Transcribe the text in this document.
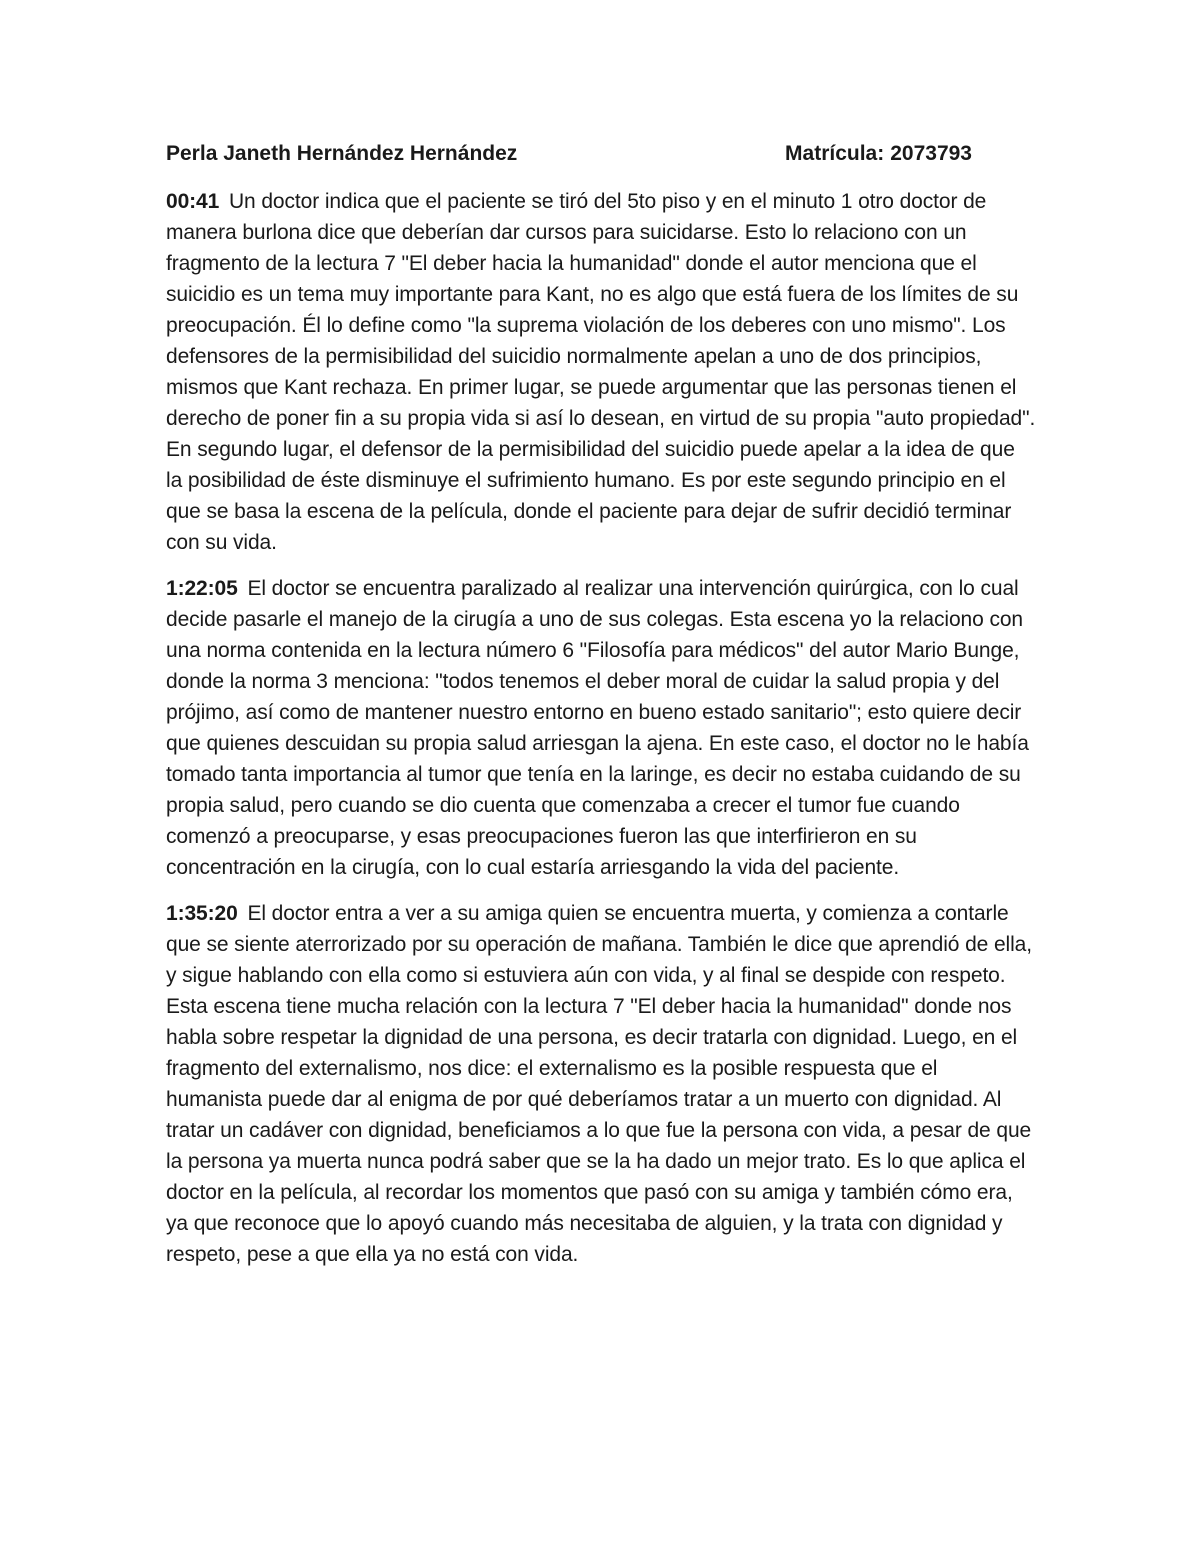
Perla Janeth Hernández Hernández	Matrícula: 2073793

00:41 Un doctor indica que el paciente se tiró del 5to piso y en el minuto 1 otro doctor de manera burlona dice que deberían dar cursos para suicidarse. Esto lo relaciono con un fragmento de la lectura 7 "El deber hacia la humanidad" donde el autor menciona que el suicidio es un tema muy importante para Kant, no es algo que está fuera de los límites de su preocupación. Él lo define como "la suprema violación de los deberes con uno mismo". Los defensores de la permisibilidad del suicidio normalmente apelan a uno de dos principios, mismos que Kant rechaza. En primer lugar, se puede argumentar que las personas tienen el derecho de poner fin a su propia vida si así lo desean, en virtud de su propia "auto propiedad". En segundo lugar, el defensor de la permisibilidad del suicidio puede apelar a la idea de que la posibilidad de éste disminuye el sufrimiento humano. Es por este segundo principio en el que se basa la escena de la película, donde el paciente para dejar de sufrir decidió terminar con su vida.

1:22:05 El doctor se encuentra paralizado al realizar una intervención quirúrgica, con lo cual decide pasarle el manejo de la cirugía a uno de sus colegas. Esta escena yo la relaciono con una norma contenida en la lectura número 6 "Filosofía para médicos" del autor Mario Bunge, donde la norma 3 menciona: "todos tenemos el deber moral de cuidar la salud propia y del prójimo, así como de mantener nuestro entorno en bueno estado sanitario"; esto quiere decir que quienes descuidan su propia salud arriesgan la ajena. En este caso, el doctor no le había tomado tanta importancia al tumor que tenía en la laringe, es decir no estaba cuidando de su propia salud, pero cuando se dio cuenta que comenzaba a crecer el tumor fue cuando comenzó a preocuparse, y esas preocupaciones fueron las que interfirieron en su concentración en la cirugía, con lo cual estaría arriesgando la vida del paciente.

1:35:20 El doctor entra a ver a su amiga quien se encuentra muerta, y comienza a contarle que se siente aterrorizado por su operación de mañana. También le dice que aprendió de ella, y sigue hablando con ella como si estuviera aún con vida, y al final se despide con respeto. Esta escena tiene mucha relación con la lectura 7 "El deber hacia la humanidad" donde nos habla sobre respetar la dignidad de una persona, es decir tratarla con dignidad. Luego, en el fragmento del externalismo, nos dice: el externalismo es la posible respuesta que el humanista puede dar al enigma de por qué deberíamos tratar a un muerto con dignidad. Al tratar un cadáver con dignidad, beneficiamos a lo que fue la persona con vida, a pesar de que la persona ya muerta nunca podrá saber que se la ha dado un mejor trato. Es lo que aplica el doctor en la película, al recordar los momentos que pasó con su amiga y también cómo era, ya que reconoce que lo apoyó cuando más necesitaba de alguien, y la trata con dignidad y respeto, pese a que ella ya no está con vida.
